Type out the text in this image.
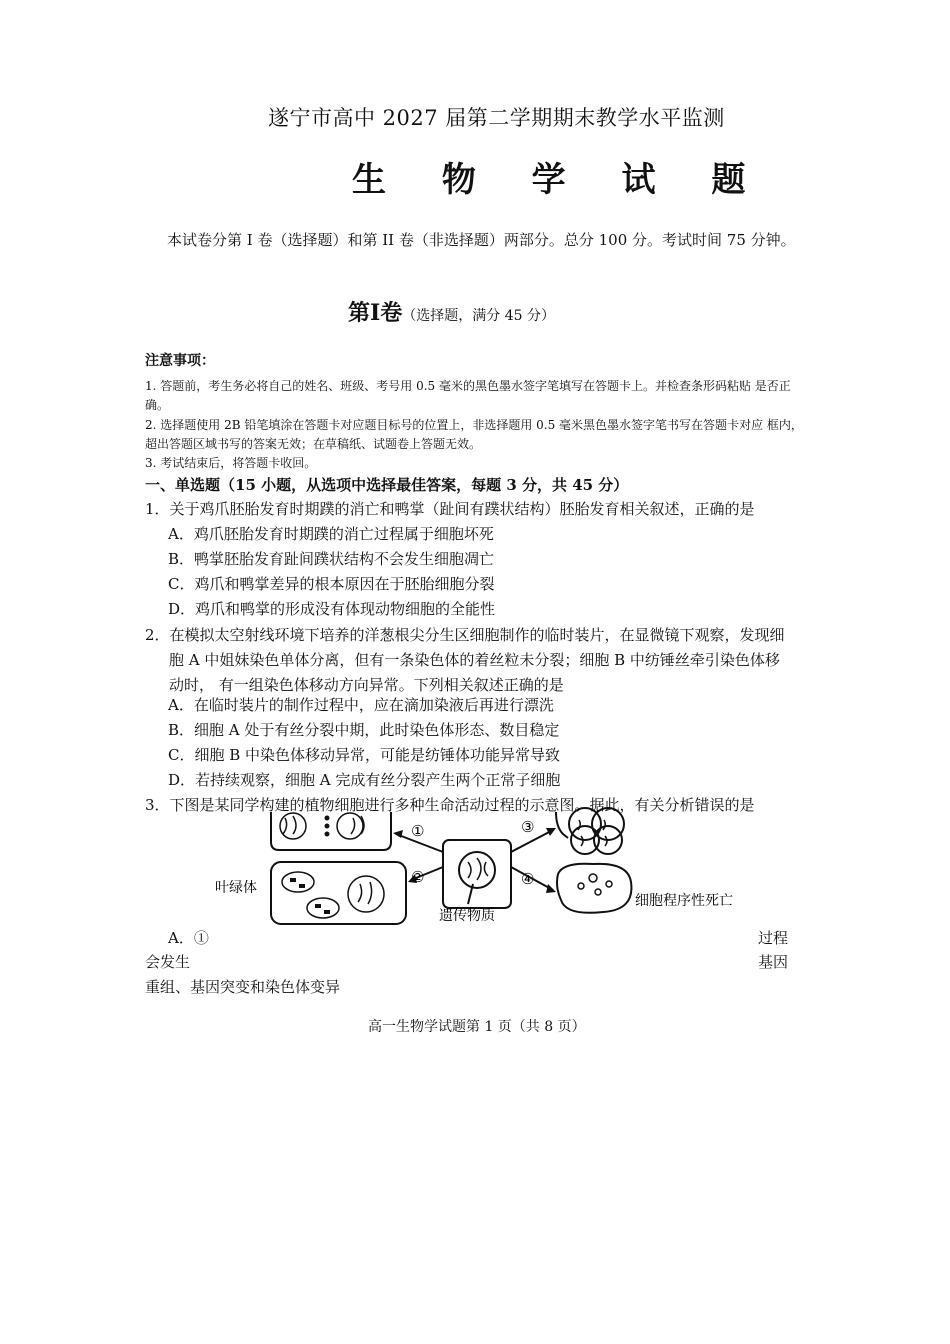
遂宁市高中 2027 届第二学期期末教学水平监测
生 物 学 试 题
本试卷分第 I 卷（选择题）和第 II 卷（非选择题）两部分。总分 100 分。考试时间 75 分钟。
第Ⅰ卷（选择题，满分 45 分）
注意事项：
1. 答题前，考生务必将自己的姓名、班级、考号用 0.5 毫米的黑色墨水签字笔填写在答题卡上。并检查条形码粘贴 是否正确。
2. 选择题使用 2B 铅笔填涂在答题卡对应题目标号的位置上，非选择题用 0.5 毫米黑色墨水签字笔书写在答题卡对应 框内，超出答题区域书写的答案无效；在草稿纸、试题卷上答题无效。
3. 考试结束后，将答题卡收回。
一、单选题（15 小题，从选项中选择最佳答案，每题 3 分，共 45 分）
1．关于鸡爪胚胎发育时期蹼的消亡和鸭掌（趾间有蹼状结构）胚胎发育相关叙述，正确的是
A．鸡爪胚胎发育时期蹼的消亡过程属于细胞坏死
B．鸭掌胚胎发育趾间蹼状结构不会发生细胞凋亡
C．鸡爪和鸭掌差异的根本原因在于胚胎细胞分裂
D．鸡爪和鸭掌的形成没有体现动物细胞的全能性
2．在模拟太空射线环境下培养的洋葱根尖分生区细胞制作的临时装片，在显微镜下观察，发现细
胞 A 中姐妹染色单体分离，但有一条染色体的着丝粒未分裂；细胞 B 中纺锤丝牵引染色体移
动时， 有一组染色体移动方向异常。下列相关叙述正确的是
A．在临时装片的制作过程中，应在滴加染液后再进行漂洗
B．细胞 A 处于有丝分裂中期，此时染色体形态、数目稳定
C．细胞 B 中染色体移动异常，可能是纺锤体功能异常导致
D．若持续观察，细胞 A 完成有丝分裂产生两个正常子细胞
3．下图是某同学构建的植物细胞进行多种生命活动过程的示意图。据此，有关分析错误的是
①
②
③
④
叶绿体
遗传物质
细胞程序性死亡
A．①	过程
会发生	基因
重组、基因突变和染色体变异
高一生物学试题第 1 页（共 8 页）
